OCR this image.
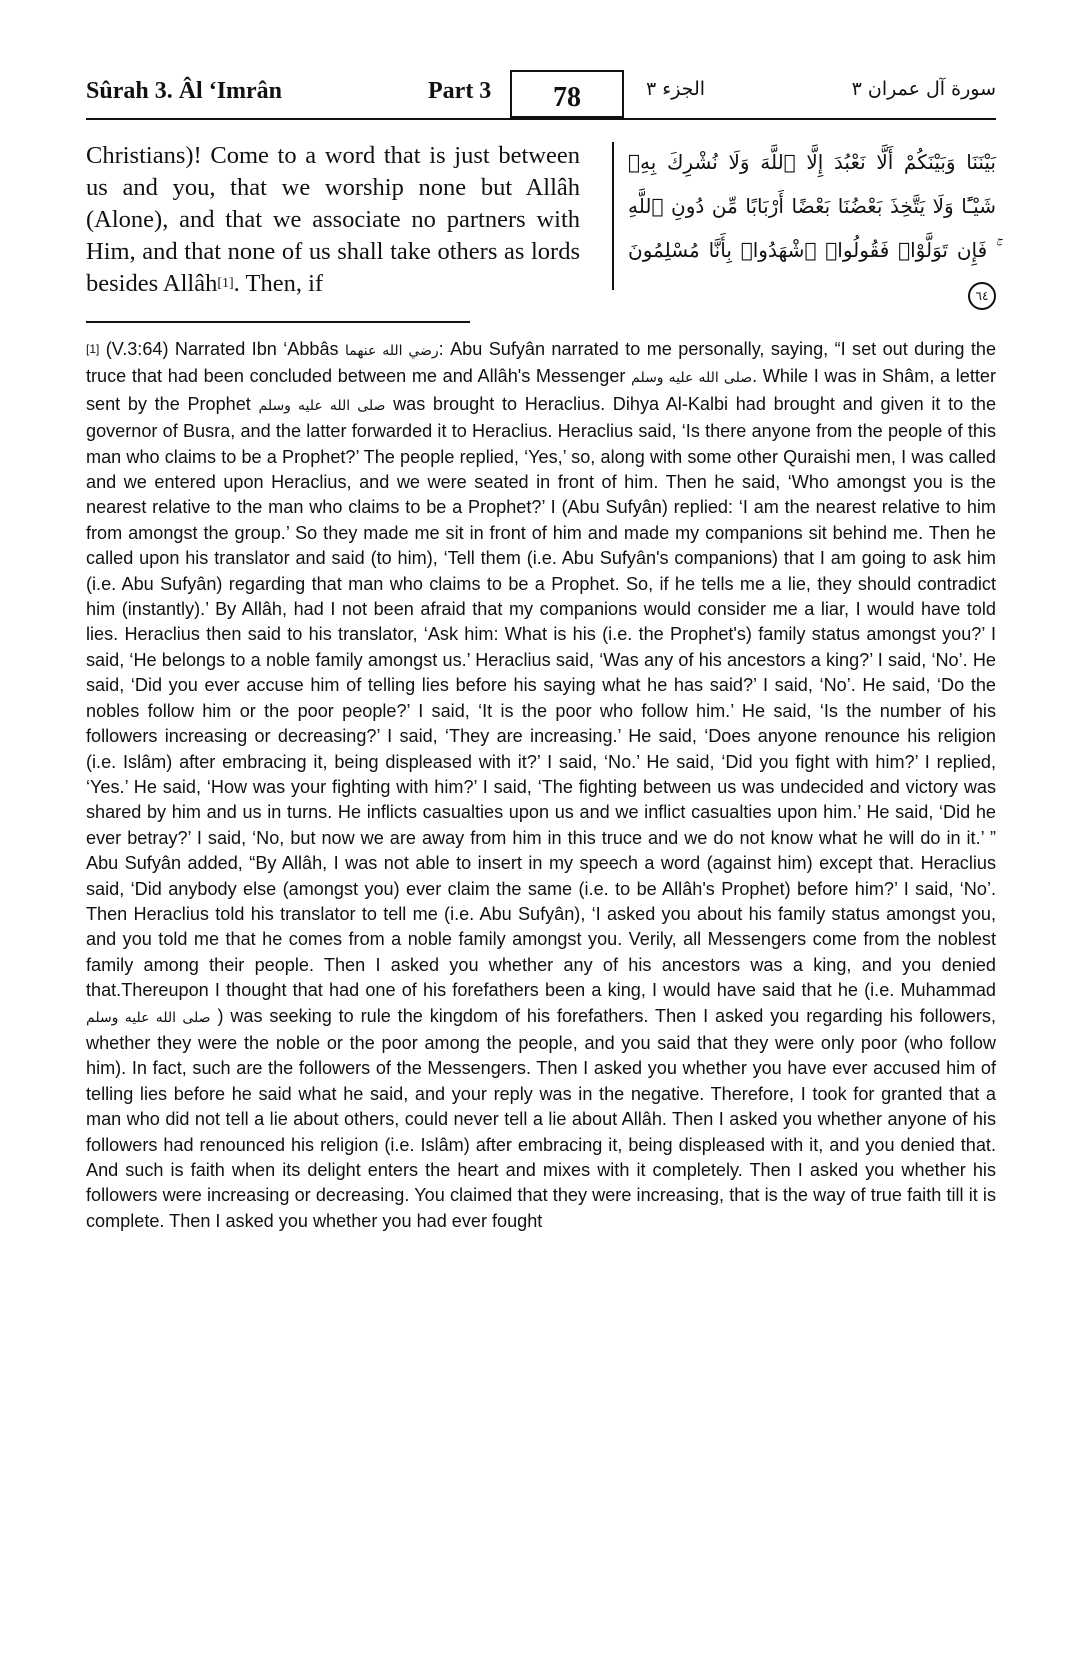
Sûrah 3. Âl ‘Imrân	Part 3	78	الجزء ٣	سورة آل عمران ٣
Christians)! Come to a word that is just between us and you, that we worship none but Allâh (Alone), and that we associate no partners with Him, and that none of us shall take others as lords besides Allâh[1]. Then, if
بَيْنَنَا وَبَيْنَكُمْ أَلَّا نَعْبُدَ إِلَّا ٱللَّهَ وَلَا نُشْرِكَ بِهِۦ شَيْـًٔا وَلَا يَتَّخِذَ بَعْضُنَا بَعْضًا أَرْبَابًا مِّن دُونِ ٱللَّهِ ۚ فَإِن تَوَلَّوْا۟ فَقُولُوا۟ ٱشْهَدُوا۟ بِأَنَّا مُسْلِمُونَ ٦٤
[1] (V.3:64) Narrated Ibn ‘Abbâs رضي الله عنهما: Abu Sufyân narrated to me personally, saying, “I set out during the truce that had been concluded between me and Allâh's Messenger صلى الله عليه وسلم. While I was in Shâm, a letter sent by the Prophet صلى الله عليه وسلم was brought to Heraclius. Dihya Al-Kalbi had brought and given it to the governor of Busra, and the latter forwarded it to Heraclius. Heraclius said, ‘Is there anyone from the people of this man who claims to be a Prophet?’ The people replied, ‘Yes,’ so, along with some other Quraishi men, I was called and we entered upon Heraclius, and we were seated in front of him. Then he said, ‘Who amongst you is the nearest relative to the man who claims to be a Prophet?’ I (Abu Sufyân) replied: ‘I am the nearest relative to him from amongst the group.’ So they made me sit in front of him and made my companions sit behind me. Then he called upon his translator and said (to him), ‘Tell them (i.e. Abu Sufyân's companions) that I am going to ask him (i.e. Abu Sufyân) regarding that man who claims to be a Prophet. So, if he tells me a lie, they should contradict him (instantly).’ By Allâh, had I not been afraid that my companions would consider me a liar, I would have told lies. Heraclius then said to his translator, ‘Ask him: What is his (i.e. the Prophet's) family status amongst you?’ I said, ‘He belongs to a noble family amongst us.’ Heraclius said, ‘Was any of his ancestors a king?’ I said, ‘No’. He said, ‘Did you ever accuse him of telling lies before his saying what he has said?’ I said, ‘No’. He said, ‘Do the nobles follow him or the poor people?’ I said, ‘It is the poor who follow him.’ He said, ‘Is the number of his followers increasing or decreasing?’ I said, ‘They are increasing.’ He said, ‘Does anyone renounce his religion (i.e. Islâm) after embracing it, being displeased with it?’ I said, ‘No.’ He said, ‘Did you fight with him?’ I replied, ‘Yes.’ He said, ‘How was your fighting with him?’ I said, ‘The fighting between us was undecided and victory was shared by him and us in turns. He inflicts casualties upon us and we inflict casualties upon him.’ He said, ‘Did he ever betray?’ I said, ‘No, but now we are away from him in this truce and we do not know what he will do in it.’ ” Abu Sufyân added, “By Allâh, I was not able to insert in my speech a word (against him) except that. Heraclius said, ‘Did anybody else (amongst you) ever claim the same (i.e. to be Allâh's Prophet) before him?’ I said, ‘No’. Then Heraclius told his translator to tell me (i.e. Abu Sufyân), ‘I asked you about his family status amongst you, and you told me that he comes from a noble family amongst you. Verily, all Messengers come from the noblest family among their people. Then I asked you whether any of his ancestors was a king, and you denied that.Thereupon I thought that had one of his forefathers been a king, I would have said that he (i.e. Muhammad صلى الله عليه وسلم ) was seeking to rule the kingdom of his forefathers. Then I asked you regarding his followers, whether they were the noble or the poor among the people, and you said that they were only poor (who follow him). In fact, such are the followers of the Messengers. Then I asked you whether you have ever accused him of telling lies before he said what he said, and your reply was in the negative. Therefore, I took for granted that a man who did not tell a lie about others, could never tell a lie about Allâh. Then I asked you whether anyone of his followers had renounced his religion (i.e. Islâm) after embracing it, being displeased with it, and you denied that. And such is faith when its delight enters the heart and mixes with it completely. Then I asked you whether his followers were increasing or decreasing. You claimed that they were increasing, that is the way of true faith till it is complete. Then I asked you whether you had ever fought
